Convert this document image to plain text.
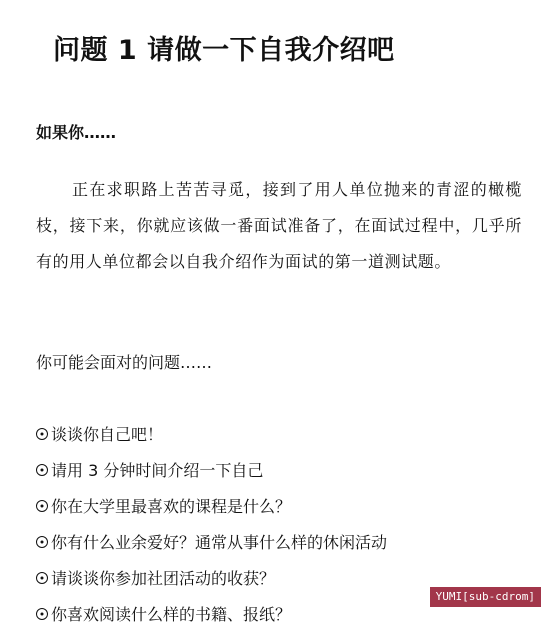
问题 1 请做一下自我介绍吧
如果你……

正在求职路上苦苦寻觅，接到了用人单位抛来的青涩的橄榄枝，接下来，你就应该做一番面试准备了，在面试过程中，几乎所有的用人单位都会以自我介绍作为面试的第一道测试题。

你可能会面对的问题……
谈谈你自己吧！
请用 3 分钟时间介绍一下自己
你在大学里最喜欢的课程是什么？
你有什么业余爱好？通常从事什么样的休闲活动
请谈谈你参加社团活动的收获？
你喜欢阅读什么样的书籍、报纸？
YUMI[sub-cdrom]
